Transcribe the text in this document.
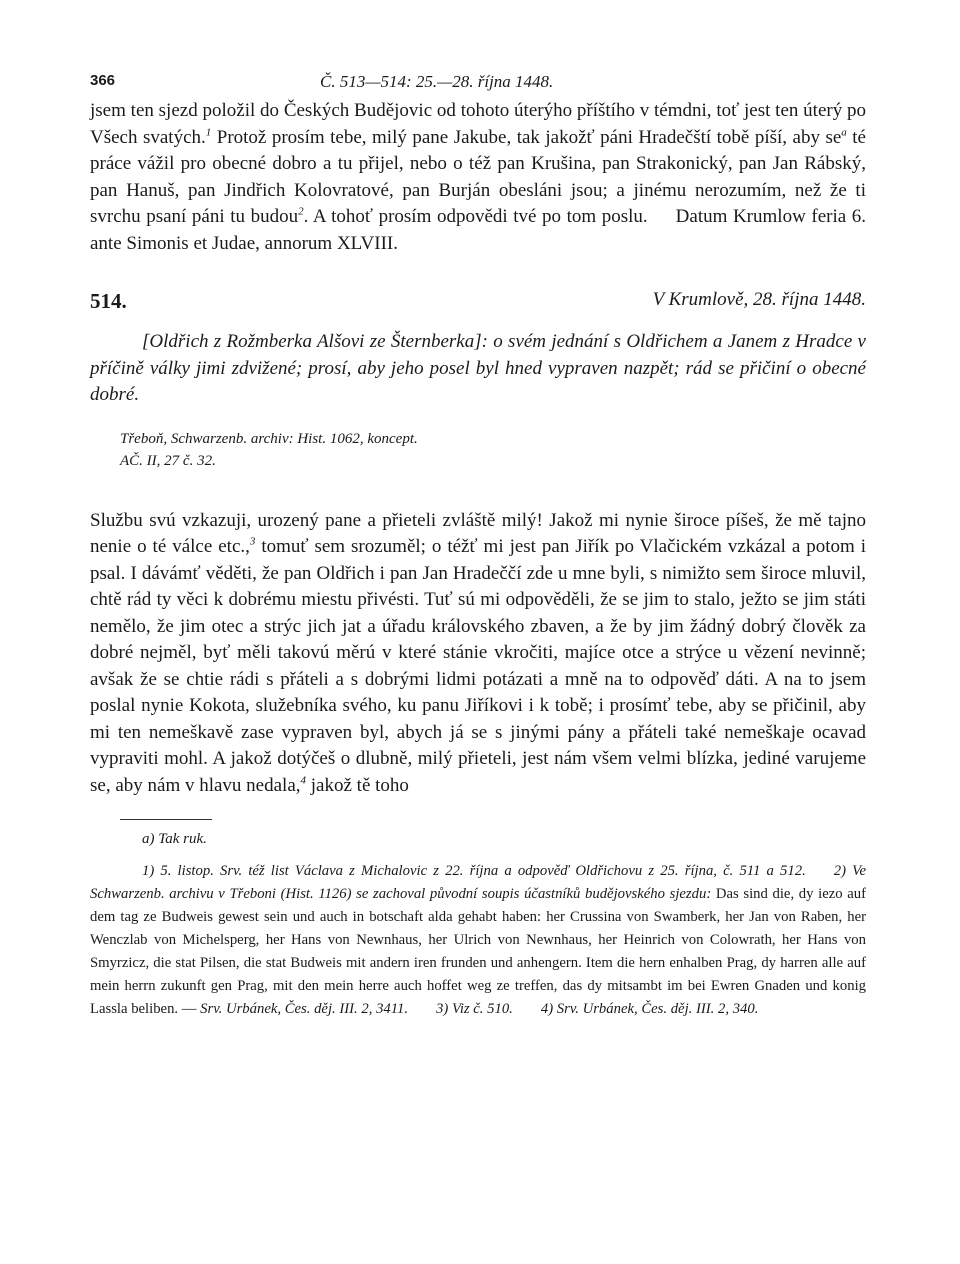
366	Č. 513—514: 25.—28. října 1448.

jsem ten sjezd položil do Českých Budějovic od tohoto úterýho příštího v témdni, toť jest ten úterý po Všech svatých.$^1$ Protož prosím tebe, milý pane Jakube, tak jakožť páni Hradečští tobě píší, aby $se^a$ té práce vážil pro obecné dobro a tu přijel, nebo o též pan Krušina, pan Strakonický, pan Jan Rábský, pan Hanuš, pan Jindřich Kolovratové, pan Burján obesláni jsou; a jinému nerozumím, než že ti svrchu psaní páni tu budou$^2$. A tohoť prosím odpovědi tvé po tom poslu. Datum Krumlow feria 6. ante Simonis et Judae, annorum XLVIII.

514.	V Krumlově, 28. října 1448.

[Oldřich z Rožmberka Alšovi ze Šternberka]: o svém jednání s Oldřichem a Janem z Hradce v příčině války jimi zdvižené; prosí, aby jeho posel byl hned vypraven nazpět; rád se přičiní o obecné dobré.

Třeboň, Schwarzenb. archiv: Hist. 1062, koncept.
AČ. II, 27 č. 32.

Službu svú vzkazuji, urozený pane a přieteli zvláště milý! Jakož mi nynie široce píšeš, že mě tajno nenie o té válce etc.,$^3$ tomuť sem srozuměl; o téžť mi jest pan Jiřík po Vlačickém vzkázal a potom i psal. I dávámť věděti, že pan Oldřich i pan Jan Hradeččí zde u mne byli, s nimižto sem široce mluvil, chtě rád ty věci k dobrému miestu přivésti. Tuť sú mi odpověděli, že se jim to stalo, ježto se jim státi nemělo, že jim otec a strýc jich jat a úřadu královského zbaven, a že by jim žádný dobrý člověk za dobré nejměl, byť měli takovú měrú v které stánie vkročiti, majíce otce a strýce u vězení nevinně; avšak že se chtie rádi s přáteli a s dobrými lidmi potázati a mně na to odpověď dáti. A na to jsem poslal nynie Kokota, služebníka svého, ku panu Jiříkovi i k tobě; i prosímť tebe, aby se přičinil, aby mi ten nemeškavě zase vypraven byl, abych já se s jinými pány a přáteli také nemeškaje ocavad vypraviti mohl. A jakož dotýčeš o dlubně, milý přieteli, jest nám všem velmi blízka, jediné varujeme se, aby nám v hlavu nedala,$^4$ jakož tě toho

a) Tak ruk.

1) 5. listop. Srv. též list Václava z Michalovic z 22. října a odpověď Oldřichovu z 25. října, č. 511 a 512. 2) Ve Schwarzenb. archivu v Třeboni (Hist. 1126) se zachoval původní soupis účastníků budějovského sjezdu: Das sind die, dy iezo auf dem tag ze Budweis gewest sein und auch in botschaft alda gehabt haben: her Crussina von Swamberk, her Jan von Raben, her Wenczlab von Michelsperg, her Hans von Newnhaus, her Ulrich von Newnhaus, her Heinrich von Colowrath, her Hans von Smyrzicz, die stat Pilsen, die stat Budweis mit andern iren frunden und anhengern. Item die hern enhalben Prag, dy harren alle auf mein herrn zukunft gen Prag, mit den mein herre auch hoffet weg ze treffen, das dy mitsambt im bei Ewren Gnaden und konig Lassla beliben. — Srv. Urbánek, Čes. děj. III. 2, 3411. 3) Viz č. 510. 4) Srv. Urbánek, Čes. děj. III. 2, 340.
